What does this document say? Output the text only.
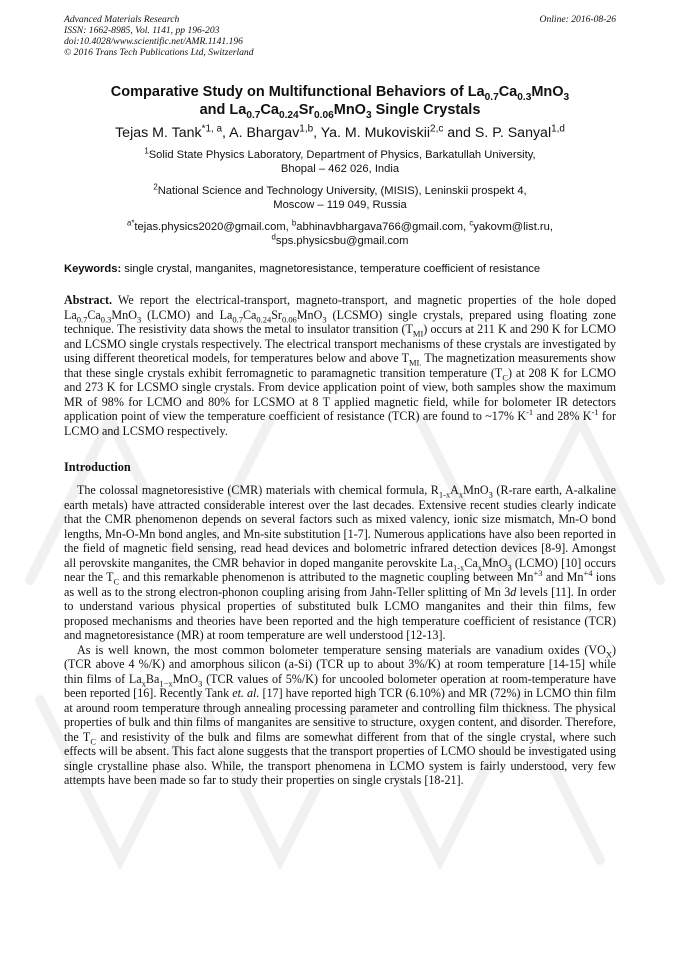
Advanced Materials Research
ISSN: 1662-8985, Vol. 1141, pp 196-203
doi:10.4028/www.scientific.net/AMR.1141.196
© 2016 Trans Tech Publications Ltd, Switzerland
Online: 2016-08-26
Comparative Study on Multifunctional Behaviors of $La_{0.7}Ca_{0.3}MnO_3$
and $La_{0.7}Ca_{0.24}Sr_{0.06}MnO_3$ Single Crystals
Tejas M. Tank$^{*1, a}$, A. Bhargav$^{1,b}$, Ya. M. Mukoviskii$^{2,c}$ and S. P. Sanyal$^{1,d}$

$^1$Solid State Physics Laboratory, Department of Physics, Barkatullah University,
Bhopal – 462 026, India

$^2$National Science and Technology University, (MISIS), Leninskii prospekt 4,
Moscow – 119 049, Russia

$^{a*}$tejas.physics2020@gmail.com, $^b$abhinavbhargava766@gmail.com, $^c$yakovm@list.ru,
$^d$sps.physicsbu@gmail.com

Keywords: single crystal, manganites, magnetoresistance, temperature coefficient of resistance
Abstract. We report the electrical-transport, magneto-transport, and magnetic properties of the hole doped $La_{0.7}Ca_{0.3}MnO_3$ (LCMO) and $La_{0.7}Ca_{0.24}Sr_{0.06}MnO_3$ (LCSMO) single crystals, prepared using floating zone technique. The resistivity data shows the metal to insulator transition $(T_{MI})$ occurs at 211 K and 290 K for LCMO and LCSMO single crystals respectively. The electrical transport mechanisms of these crystals are investigated by using different theoretical models, for temperatures below and above $T_{MI.}$ The magnetization measurements show that these single crystals exhibit ferromagnetic to paramagnetic transition temperature $(T_C)$ at 208 K for LCMO and 273 K for LCSMO single crystals. From device application point of view, both samples show the maximum MR of 98% for LCMO and 80% for LCSMO at 8 T applied magnetic field, while for bolometer IR detectors application point of view the temperature coefficient of resistance (TCR) are found to ~17% $K^{-1}$ and 28% $K^{-1}$ for LCMO and LCSMO respectively.
Introduction

The colossal magnetoresistive (CMR) materials with chemical formula, $R_{1-x}A_xMnO_3$ (R-rare earth, A-alkaline earth metals) have attracted considerable interest over the last decades. Extensive recent studies clearly indicate that the CMR phenomenon depends on several factors such as mixed valency, ionic size mismatch, Mn-O bond lengths, Mn-O-Mn bond angles, and Mn-site substitution [1-7]. Numerous applications have also been reported in the field of magnetic field sensing, read head devices and bolometric infrared detection devices [8-9]. Amongst all perovskite manganites, the CMR behavior in doped manganite perovskite $La_{1-x}Ca_xMnO_3$ (LCMO) [10] occurs near the $T_C$ and this remarkable phenomenon is attributed to the magnetic coupling between $Mn^{+3}$ and $Mn^{+4}$ ions as well as to the strong electron-phonon coupling arising from Jahn-Teller splitting of Mn 3d levels [11]. In order to understand various physical properties of substituted bulk LCMO manganites and their thin films, few proposed mechanisms and theories have been reported and the high temperature coefficient of resistance (TCR) and magnetoresistance (MR) at room temperature are well understood [12-13].

As is well known, the most common bolometer temperature sensing materials are vanadium oxides $(VO_X)$ (TCR above 4 %/K) and amorphous silicon (a-Si) (TCR up to about 3%/K) at room temperature [14-15] while thin films of $La_xBa_{1-x}MnO_3$ (TCR values of 5%/K) for uncooled bolometer operation at room-temperature have been reported [16]. Recently Tank et. al. [17] have reported high TCR (6.10%) and MR (72%) in LCMO thin film at around room temperature through annealing processing parameter and controlling film thickness. The physical properties of bulk and thin films of manganites are sensitive to structure, oxygen content, and disorder. Therefore, the $T_C$ and resistivity of the bulk and films are somewhat different from that of the single crystal, where such effects will be absent. This fact alone suggests that the transport properties of LCMO should be investigated using single crystalline phase also. While, the transport phenomena in LCMO system is fairly understood, very few attempts have been made so far to study their properties on single crystals [18-21].
